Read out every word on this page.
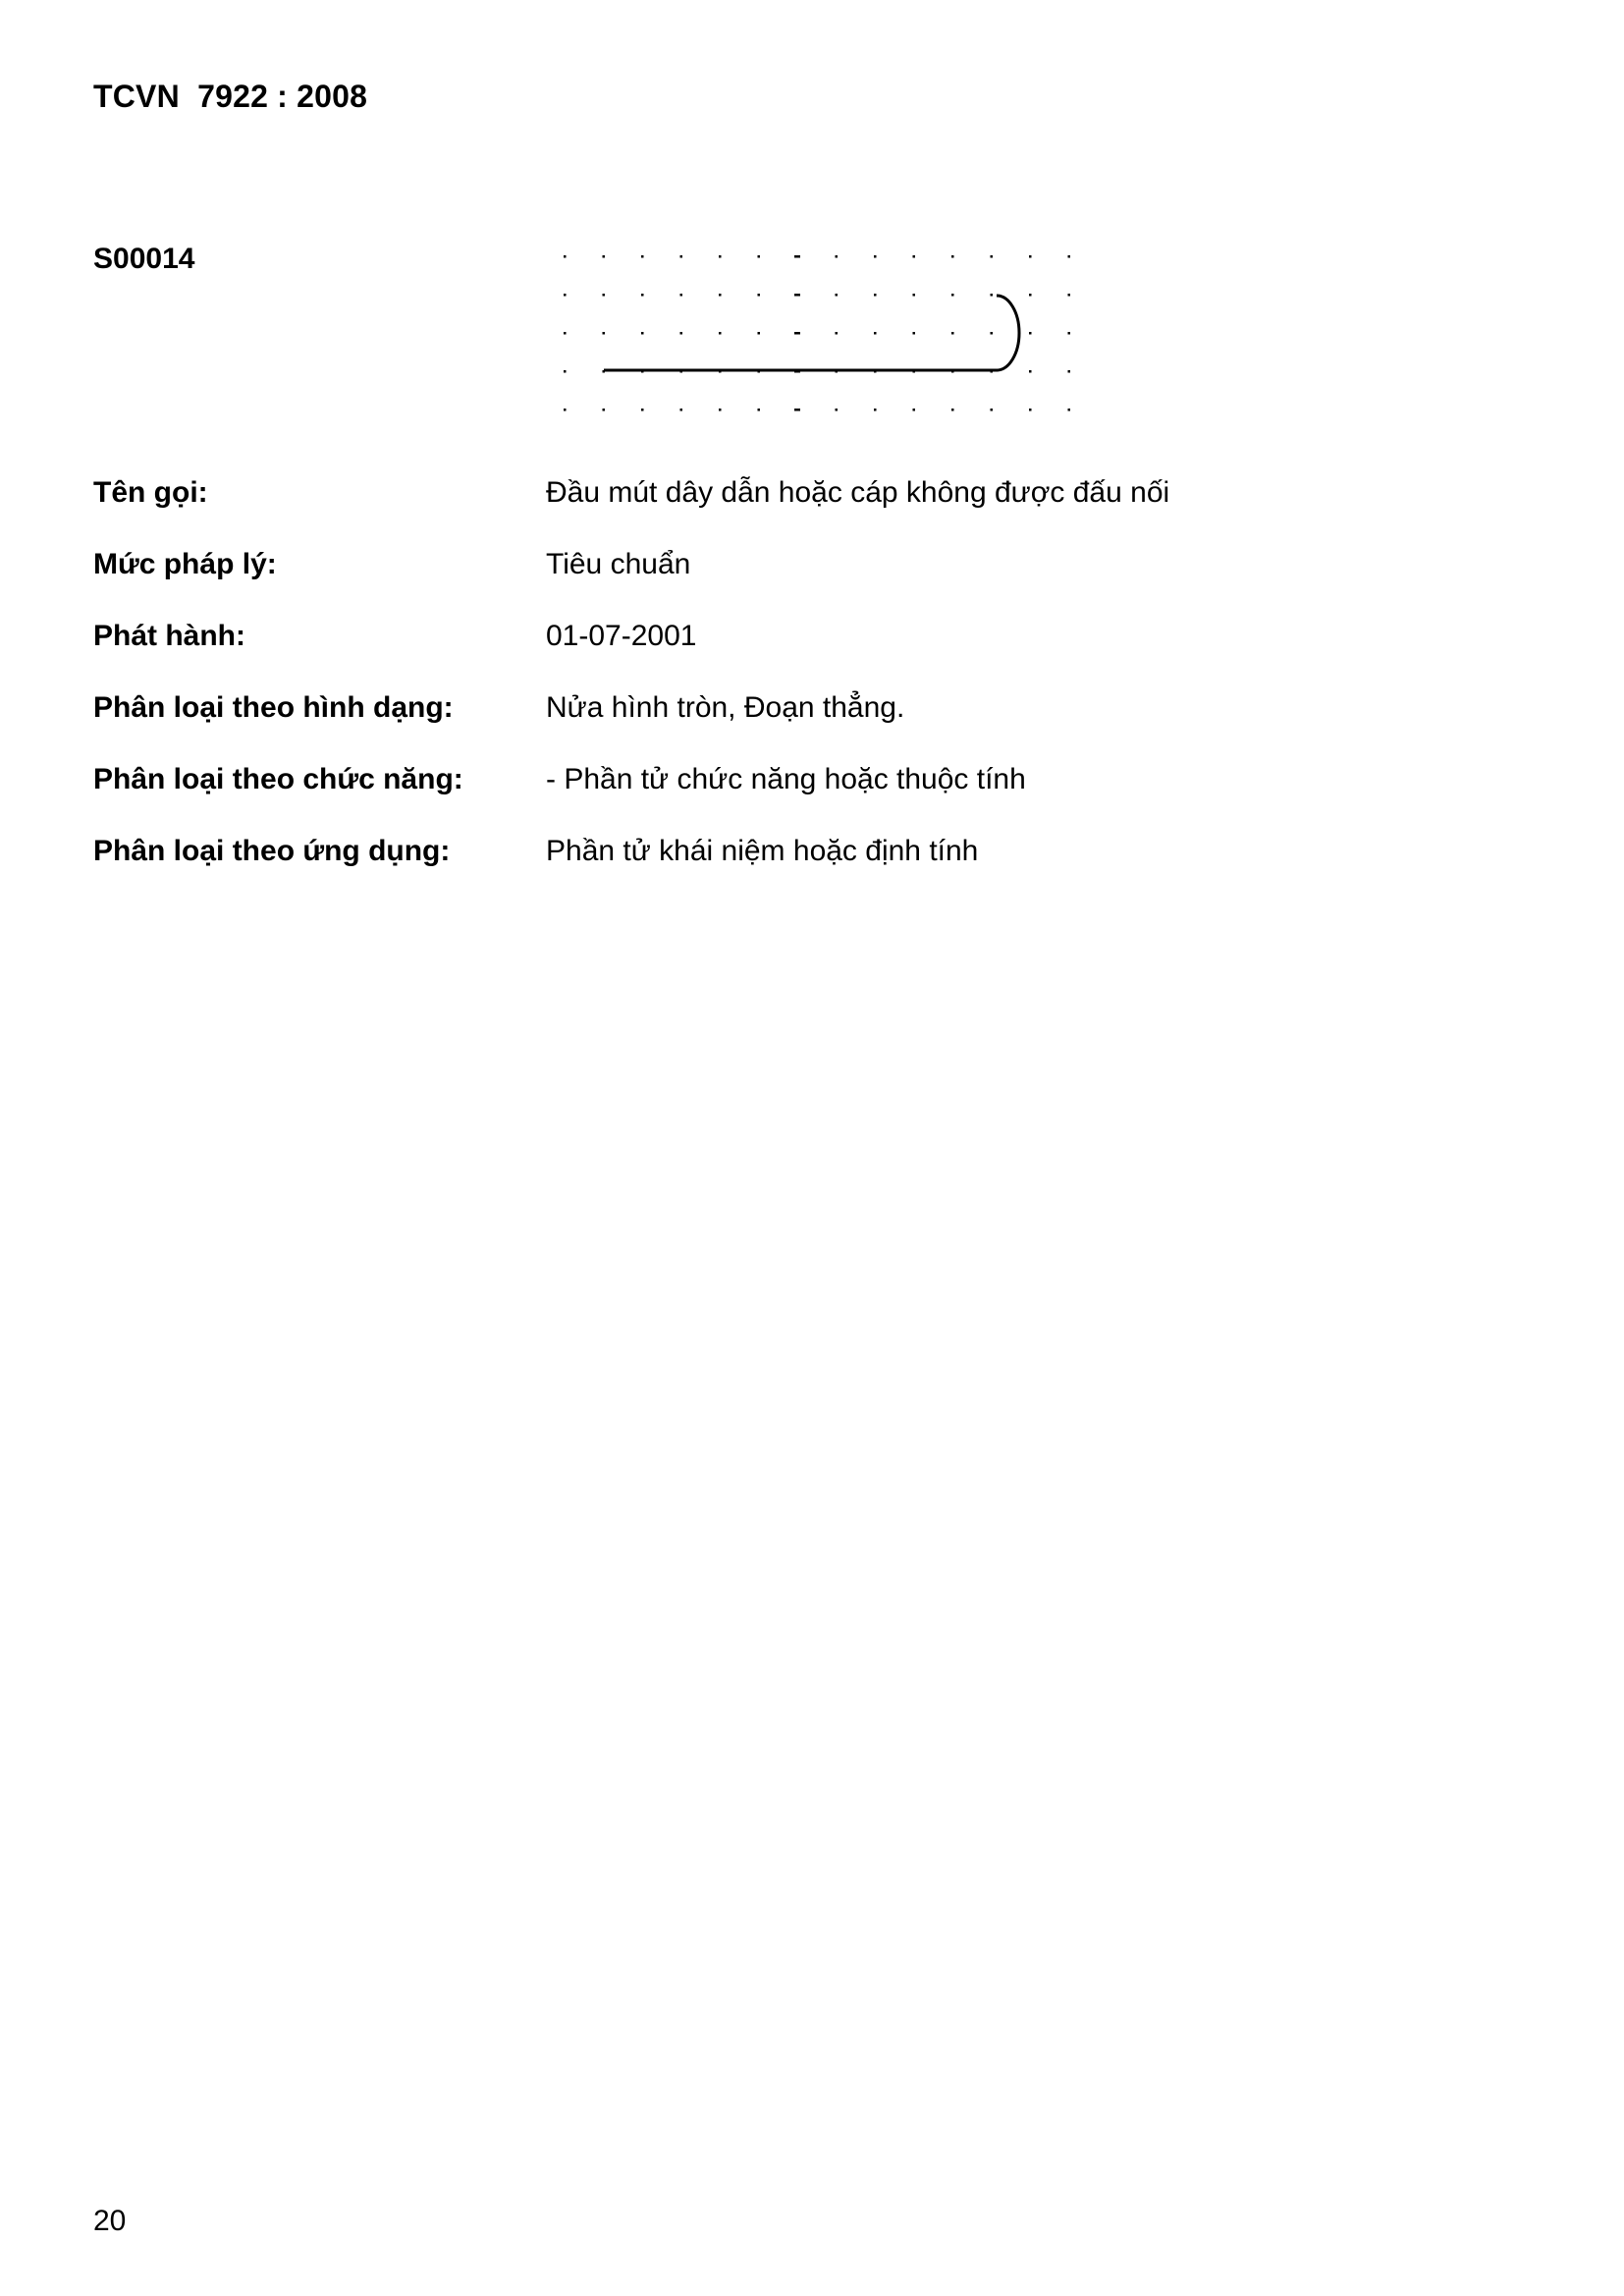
TCVN  7922 : 2008
S00014
Tên gọi:	Đầu mút dây dẫn hoặc cáp không được đấu nối
Mức pháp lý:	Tiêu chuẩn
Phát hành:	01-07-2001
Phân loại theo hình dạng:	Nửa hình tròn, Đoạn thẳng.
Phân loại theo chức năng:	- Phần tử chức năng hoặc thuộc tính
Phân loại theo ứng dụng:	Phần tử khái niệm hoặc định tính
20
